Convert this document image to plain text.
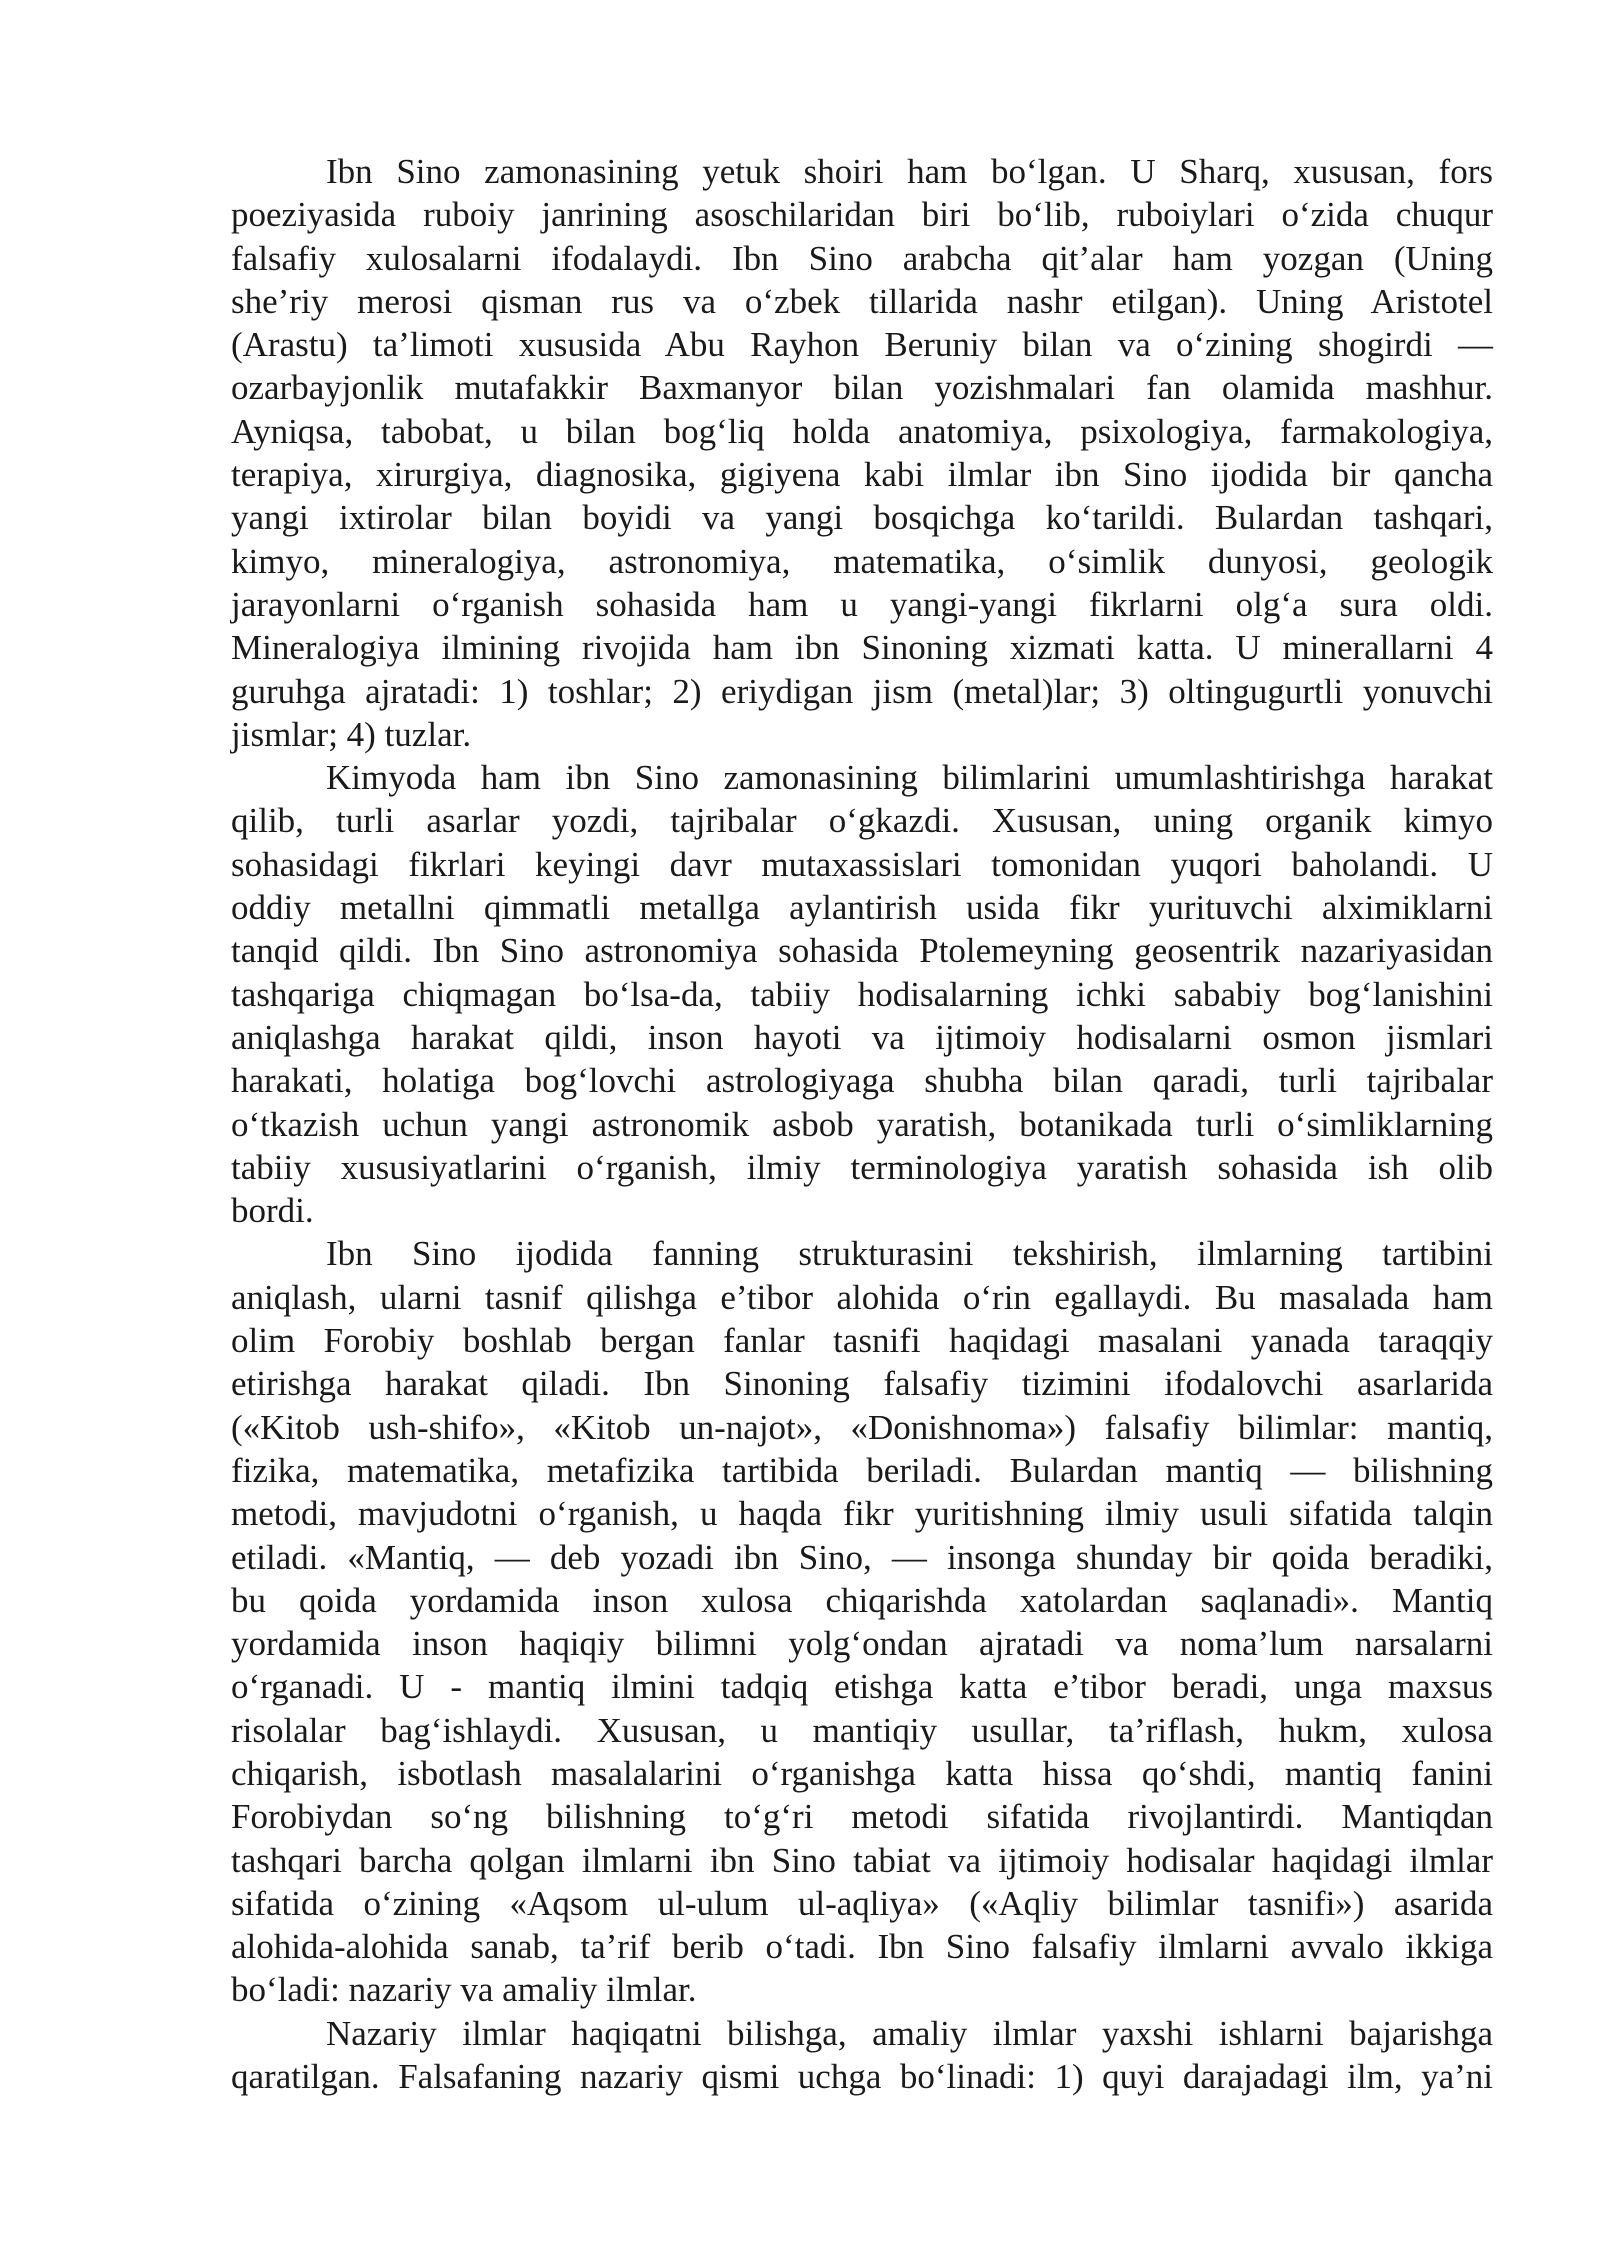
Ibn Sino zamonasining yetuk shoiri ham bo‘lgan. U Sharq, xususan, fors
poeziyasida ruboiy janrining asoschilaridan biri bo‘lib, ruboiylari o‘zida chuqur
falsafiy xulosalarni ifodalaydi. Ibn Sino arabcha qit’alar ham yozgan (Uning
she’riy merosi qisman rus va o‘zbek tillarida nashr etilgan). Uning Aristotel
(Arastu) ta’limoti xususida Abu Rayhon Beruniy bilan va o‘zining shogirdi —
ozarbayjonlik mutafakkir Baxmanyor bilan yozishmalari fan olamida mashhur.
Ayniqsa, tabobat, u bilan bog‘liq holda anatomiya, psixologiya, farmakologiya,
terapiya, xirurgiya, diagnosika, gigiyena kabi ilmlar ibn Sino ijodida bir qancha
yangi ixtirolar bilan boyidi va yangi bosqichga ko‘tarildi. Bulardan tashqari,
kimyo, mineralogiya, astronomiya, matematika, o‘simlik dunyosi, geologik
jarayonlarni o‘rganish sohasida ham u yangi-yangi fikrlarni olg‘a sura oldi.
Mineralogiya ilmining rivojida ham ibn Sinoning xizmati katta. U minerallarni 4
guruhga ajratadi: 1) toshlar; 2) eriydigan jism (metal)lar; 3) oltingugurtli yonuvchi
jismlar; 4) tuzlar.
Kimyoda ham ibn Sino zamonasining bilimlarini umumlashtirishga harakat
qilib, turli asarlar yozdi, tajribalar o‘gkazdi. Xususan, uning organik kimyo
sohasidagi fikrlari keyingi davr mutaxassislari tomonidan yuqori baholandi. U
oddiy metallni qimmatli metallga aylantirish usida fikr yurituvchi alximiklarni
tanqid qildi. Ibn Sino astronomiya sohasida Ptolemeyning geosentrik nazariyasidan
tashqariga chiqmagan bo‘lsa-da, tabiiy hodisalarning ichki sababiy bog‘lanishini
aniqlashga harakat qildi, inson hayoti va ijtimoiy hodisalarni osmon jismlari
harakati, holatiga bog‘lovchi astrologiyaga shubha bilan qaradi, turli tajribalar
o‘tkazish uchun yangi astronomik asbob yaratish, botanikada turli o‘simliklarning
tabiiy xususiyatlarini o‘rganish, ilmiy terminologiya yaratish sohasida ish olib
bordi.
Ibn Sino ijodida fanning strukturasini tekshirish, ilmlarning tartibini
aniqlash, ularni tasnif qilishga e’tibor alohida o‘rin egallaydi. Bu masalada ham
olim Forobiy boshlab bergan fanlar tasnifi haqidagi masalani yanada taraqqiy
etirishga harakat qiladi. Ibn Sinoning falsafiy tizimini ifodalovchi asarlarida
(«Kitob ush-shifo», «Kitob un-najot», «Donishnoma») falsafiy bilimlar: mantiq,
fizika, matematika, metafizika tartibida beriladi. Bulardan mantiq — bilishning
metodi, mavjudotni o‘rganish, u haqda fikr yuritishning ilmiy usuli sifatida talqin
etiladi. «Mantiq, — deb yozadi ibn Sino, — insonga shunday bir qoida beradiki,
bu qoida yordamida inson xulosa chiqarishda xatolardan saqlanadi». Mantiq
yordamida inson haqiqiy bilimni yolg‘ondan ajratadi va noma’lum narsalarni
o‘rganadi. U - mantiq ilmini tadqiq etishga katta e’tibor beradi, unga maxsus
risolalar bag‘ishlaydi. Xususan, u mantiqiy usullar, ta’riflash, hukm, xulosa
chiqarish, isbotlash masalalarini o‘rganishga katta hissa qo‘shdi, mantiq fanini
Forobiydan so‘ng bilishning to‘g‘ri metodi sifatida rivojlantirdi. Mantiqdan
tashqari barcha qolgan ilmlarni ibn Sino tabiat va ijtimoiy hodisalar haqidagi ilmlar
sifatida o‘zining «Aqsom ul-ulum ul-aqliya» («Aqliy bilimlar tasnifi») asarida
alohida-alohida sanab, ta’rif berib o‘tadi. Ibn Sino falsafiy ilmlarni avvalo ikkiga
bo‘ladi: nazariy va amaliy ilmlar.
Nazariy ilmlar haqiqatni bilishga, amaliy ilmlar yaxshi ishlarni bajarishga
qaratilgan. Falsafaning nazariy qismi uchga bo‘linadi: 1) quyi darajadagi ilm, ya’ni
